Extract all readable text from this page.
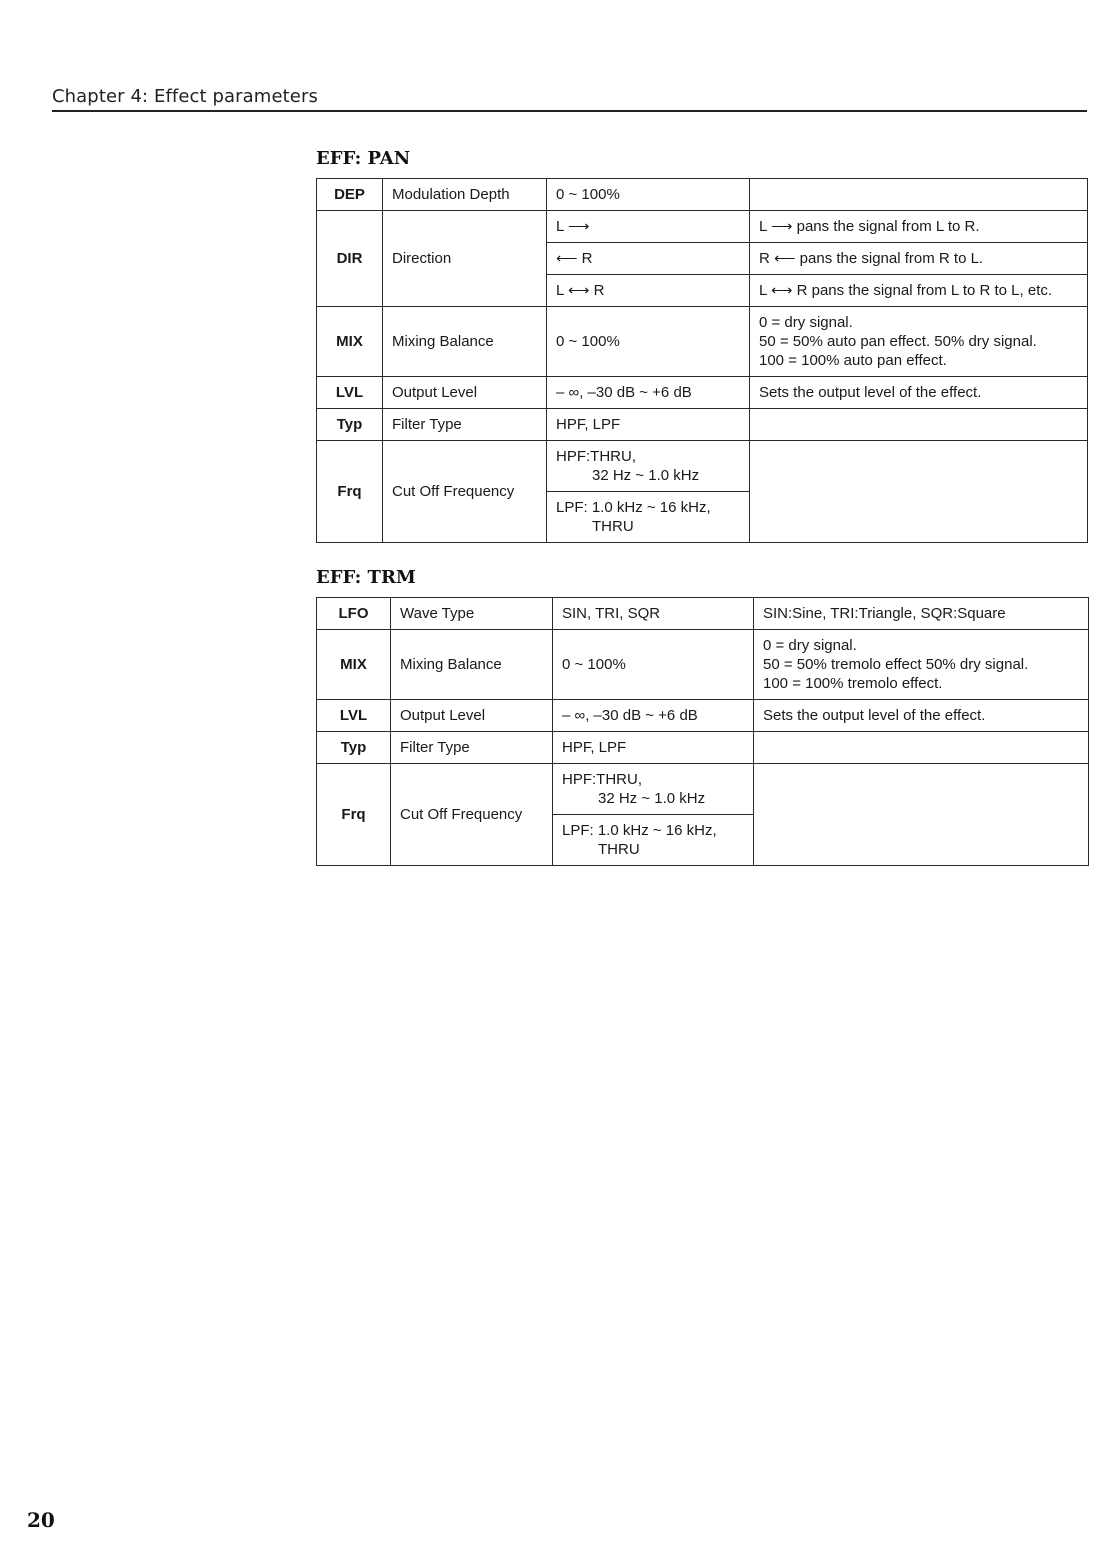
Chapter 4: Effect parameters
EFF: PAN
DEP	Modulation Depth	0 ~ 100%	
DIR	Direction	L ⟶	L ⟶ pans the signal from L to R.
		⟵ R	R ⟵ pans the signal from R to L.
		L ⟷ R	L ⟷ R pans the signal from L to R to L, etc.
MIX	Mixing Balance	0 ~ 100%	0 = dry signal.
50 = 50% auto pan effect. 50% dry signal.
100 = 100% auto pan effect.

LVL	Output Level	– ∞, –30 dB ~ +6 dB	Sets the output level of the effect.
Typ	Filter Type	HPF, LPF	
Frq	Cut Off Frequency	HPF:THRU,
32 Hz ~ 1.0 kHz	

		LPF: 1.0 kHz ~ 16 kHz,
THRU	
EFF: TRM
LFO	Wave Type	SIN, TRI, SQR	SIN:Sine, TRI:Triangle, SQR:Square
MIX	Mixing Balance	0 ~ 100%	0 = dry signal.
50 = 50% tremolo effect 50% dry signal.
100 = 100% tremolo effect.

LVL	Output Level	– ∞, –30 dB ~ +6 dB	Sets the output level of the effect.
Typ	Filter Type	HPF, LPF	
Frq	Cut Off Frequency	HPF:THRU,
32 Hz ~ 1.0 kHz	

		LPF: 1.0 kHz ~ 16 kHz,
THRU	
20
